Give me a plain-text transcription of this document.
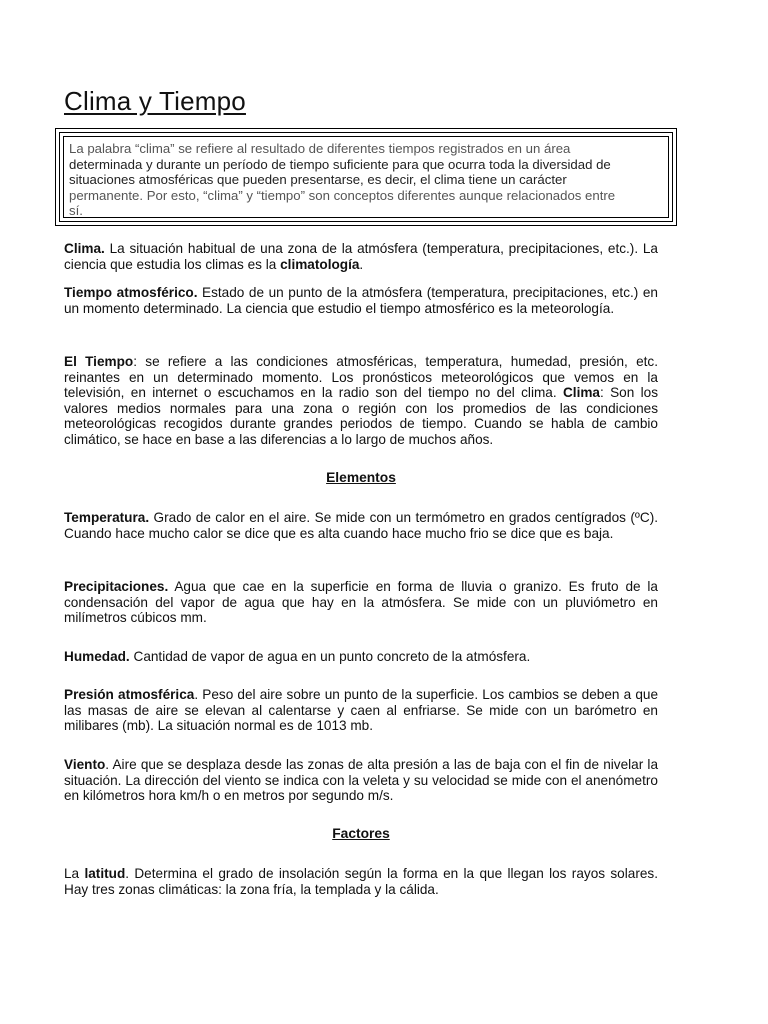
Clima y Tiempo
La palabra “clima” se refiere al resultado de diferentes tiempos registrados en un área
determinada y durante un período de tiempo suficiente para que ocurra toda la diversidad de
situaciones atmosféricas que pueden presentarse, es decir, el clima tiene un carácter
permanente. Por esto, “clima” y “tiempo” son conceptos diferentes aunque relacionados entre
sí.

Clima. La situación habitual de una zona de la atmósfera (temperatura, precipitaciones, etc.). La ciencia que estudia los climas es la climatología.

Tiempo atmosférico. Estado de un punto de la atmósfera (temperatura, precipitaciones, etc.) en un momento determinado. La ciencia que estudio el tiempo atmosférico es la meteorología.

El Tiempo: se refiere a las condiciones atmosféricas, temperatura, humedad, presión, etc. reinantes en un determinado momento. Los pronósticos meteorológicos que vemos en la televisión, en internet o escuchamos en la radio son del tiempo no del clima. Clima: Son los valores medios normales para una zona o región con los promedios de las condiciones meteorológicas recogidos durante grandes periodos de tiempo. Cuando se habla de cambio climático, se hace en base a las diferencias a lo largo de muchos años.

Elementos

Temperatura. Grado de calor en el aire. Se mide con un termómetro en grados centígrados (ºC). Cuando hace mucho calor se dice que es alta cuando hace mucho frio se dice que es baja.

Precipitaciones. Agua que cae en la superficie en forma de lluvia o granizo. Es fruto de la condensación del vapor de agua que hay en la atmósfera. Se mide con un pluviómetro en milímetros cúbicos mm.

Humedad. Cantidad de vapor de agua en un punto concreto de la atmósfera.

Presión atmosférica. Peso del aire sobre un punto de la superficie. Los cambios se deben a que las masas de aire se elevan al calentarse y caen al enfriarse. Se mide con un barómetro en milibares (mb). La situación normal es de 1013 mb.

Viento. Aire que se desplaza desde las zonas de alta presión a las de baja con el fin de nivelar la situación. La dirección del viento se indica con la veleta y su velocidad se mide con el anenómetro en kilómetros hora km/h o en metros por segundo m/s.

Factores

La latitud. Determina el grado de insolación según la forma en la que llegan los rayos solares. Hay tres zonas climáticas: la zona fría, la templada y la cálida.
